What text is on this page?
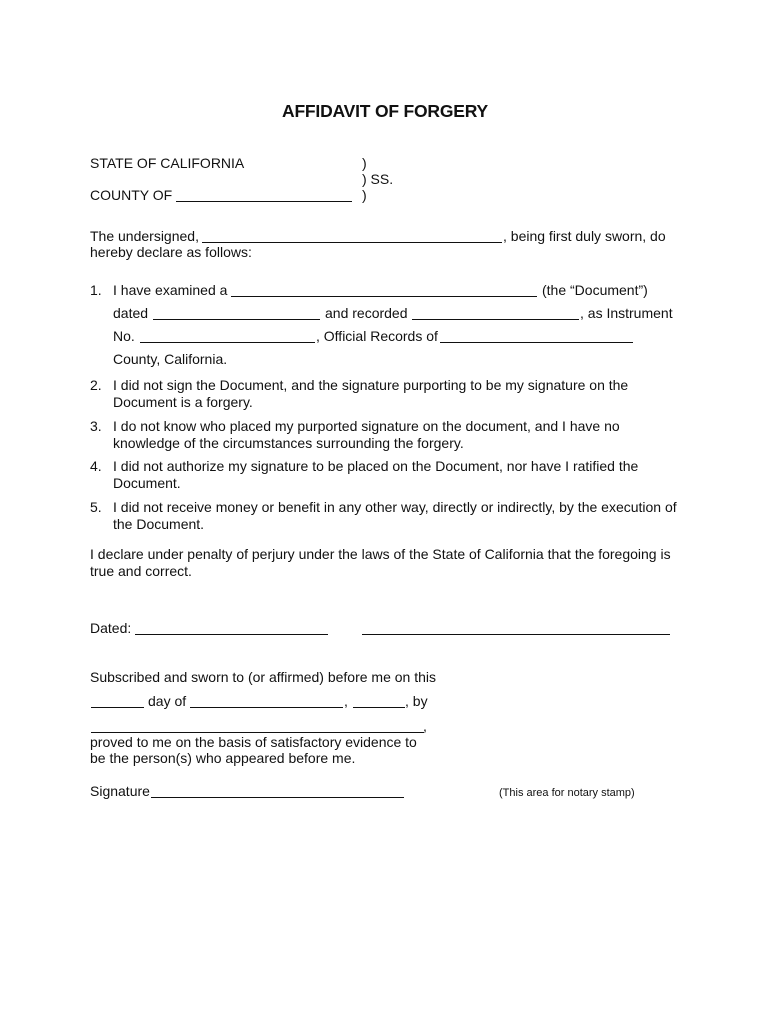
AFFIDAVIT OF FORGERY
STATE OF CALIFORNIA	)
) SS.
COUNTY OF	)
The undersigned,	, being first duly sworn, do
hereby declare as follows:
1. I have examined a	(the “Document”)
dated	and recorded	, as Instrument
No.	, Official Records of
County, California.
2. I did not sign the Document, and the signature purporting to be my signature on the Document is a forgery.
3. I do not know who placed my purported signature on the document, and I have no knowledge of the circumstances surrounding the forgery.
4. I did not authorize my signature to be placed on the Document, nor have I ratified the Document.
5. I did not receive money or benefit in any other way, directly or indirectly, by the execution of the Document.
I declare under penalty of perjury under the laws of the State of California that the foregoing is true and correct.
Dated:
Subscribed and sworn to (or affirmed) before me on this
day of	,	, by
,
proved to me on the basis of satisfactory evidence to
be the person(s) who appeared before me.
Signature	(This area for notary stamp)
